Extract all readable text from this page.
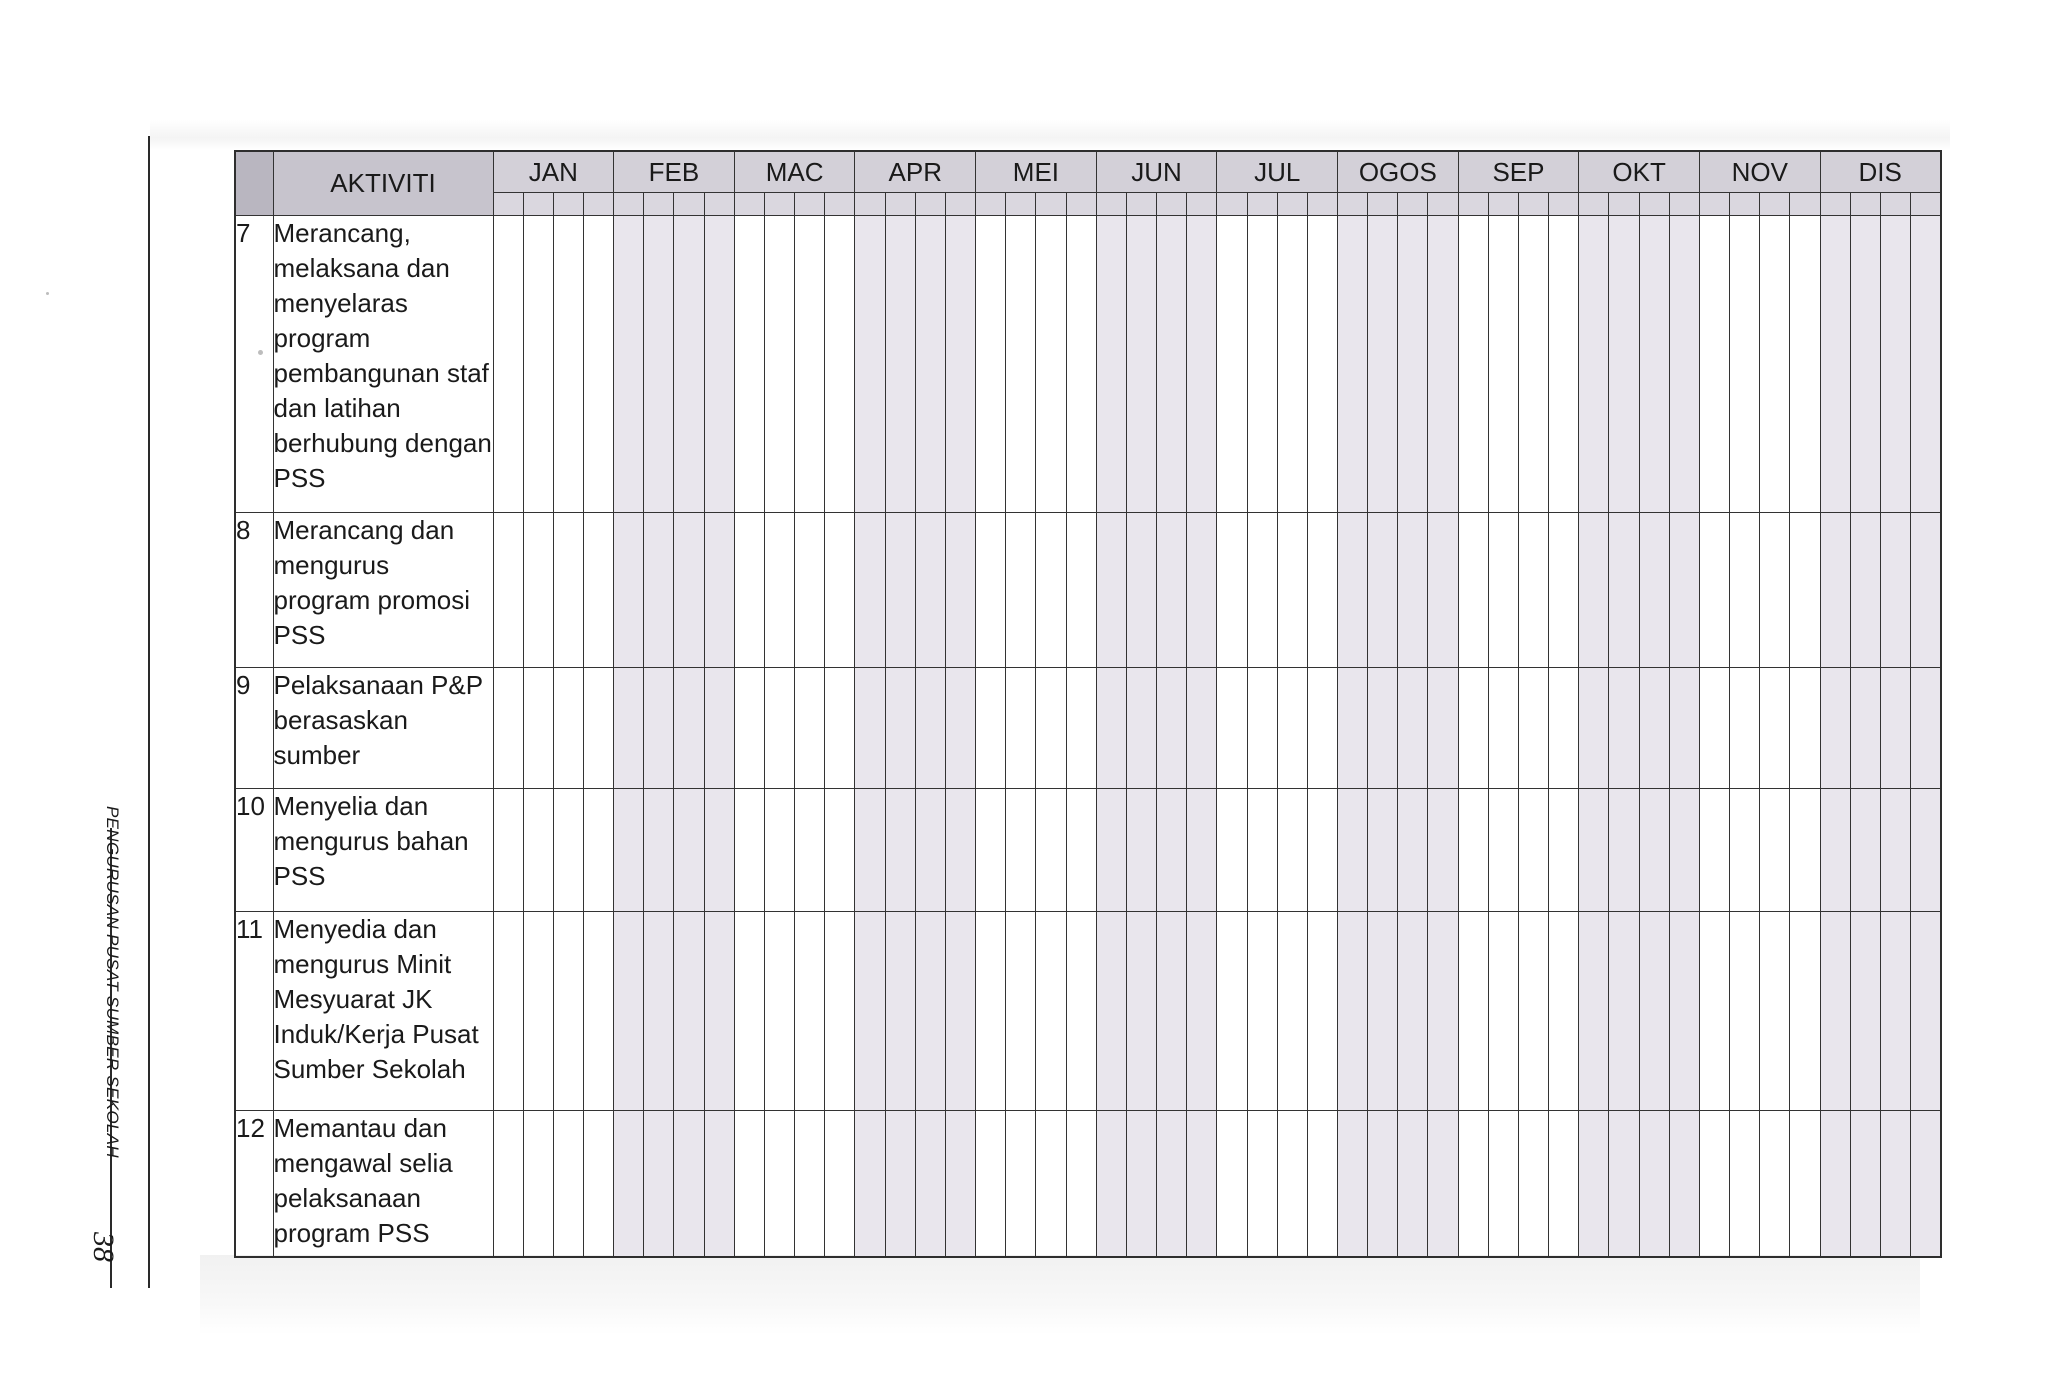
PENGURUSAN PUSAT SUMBER SEKOLAH
38
	AKTIVITI	JAN				FEB				MAC				APR				MEI				JUN				JUL				OGOS				SEP				OKT				NOV				DIS			

7	Merancang, melaksana dan menyelaras program pembangunan staf dan latihan berhubung dengan PSS																																																
8	Merancang dan mengurus program promosi PSS																																																
9	Pelaksanaan P&P berasaskan sumber																																																
10	Menyelia dan mengurus bahan PSS																																																
11	Menyedia dan mengurus Minit Mesyuarat JK Induk/Kerja Pusat Sumber Sekolah																																																
12	Memantau dan mengawal selia pelaksanaan program PSS																																																
